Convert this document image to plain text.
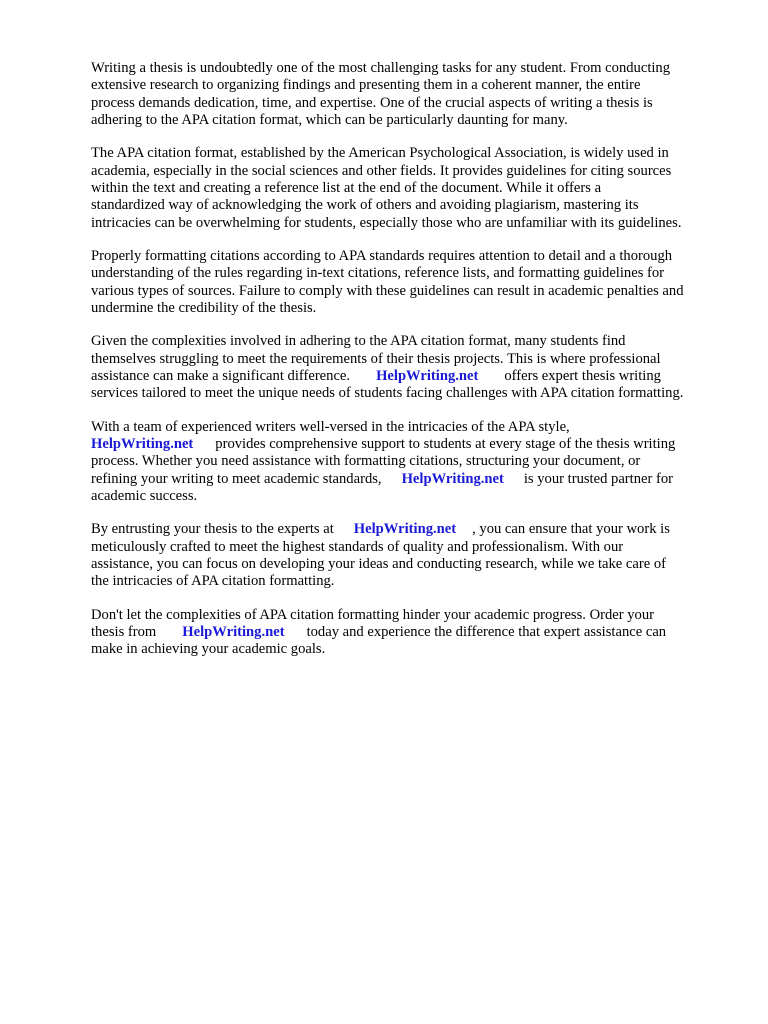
Writing a thesis is undoubtedly one of the most challenging tasks for any student. From conducting
extensive research to organizing findings and presenting them in a coherent manner, the entire
process demands dedication, time, and expertise. One of the crucial aspects of writing a thesis is
adhering to the APA citation format, which can be particularly daunting for many.

The APA citation format, established by the American Psychological Association, is widely used in
academia, especially in the social sciences and other fields. It provides guidelines for citing sources
within the text and creating a reference list at the end of the document. While it offers a
standardized way of acknowledging the work of others and avoiding plagiarism, mastering its
intricacies can be overwhelming for students, especially those who are unfamiliar with its guidelines.

Properly formatting citations according to APA standards requires attention to detail and a thorough
understanding of the rules regarding in-text citations, reference lists, and formatting guidelines for
various types of sources. Failure to comply with these guidelines can result in academic penalties and
undermine the credibility of the thesis.

Given the complexities involved in adhering to the APA citation format, many students find
themselves struggling to meet the requirements of their thesis projects. This is where professional
assistance can make a significant difference. HelpWriting.net offers expert thesis writing
services tailored to meet the unique needs of students facing challenges with APA citation formatting.

With a team of experienced writers well-versed in the intricacies of the APA style,
HelpWriting.net provides comprehensive support to students at every stage of the thesis writing
process. Whether you need assistance with formatting citations, structuring your document, or
refining your writing to meet academic standards, HelpWriting.net is your trusted partner for
academic success.

By entrusting your thesis to the experts at HelpWriting.net , you can ensure that your work is
meticulously crafted to meet the highest standards of quality and professionalism. With our
assistance, you can focus on developing your ideas and conducting research, while we take care of
the intricacies of APA citation formatting.

Don't let the complexities of APA citation formatting hinder your academic progress. Order your
thesis from HelpWriting.net today and experience the difference that expert assistance can
make in achieving your academic goals.
